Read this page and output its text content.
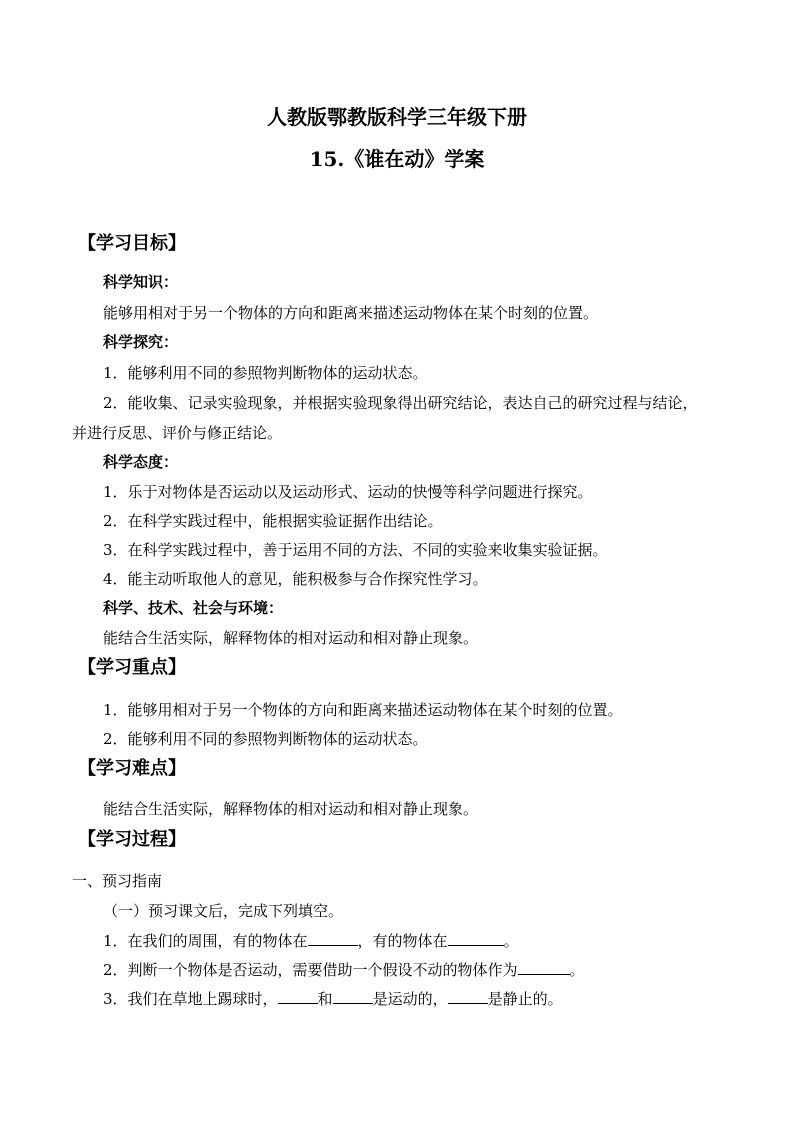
人教版鄂教版科学三年级下册
15.《谁在动》学案
【学习目标】
科学知识：
能够用相对于另一个物体的方向和距离来描述运动物体在某个时刻的位置。
科学探究：
1．能够利用不同的参照物判断物体的运动状态。
2．能收集、记录实验现象，并根据实验现象得出研究结论，表达自己的研究过程与结论，
并进行反思、评价与修正结论。
科学态度：
1．乐于对物体是否运动以及运动形式、运动的快慢等科学问题进行探究。
2．在科学实践过程中，能根据实验证据作出结论。
3．在科学实践过程中，善于运用不同的方法、不同的实验来收集实验证据。
4．能主动听取他人的意见，能积极参与合作探究性学习。
科学、技术、社会与环境：
能结合生活实际，解释物体的相对运动和相对静止现象。
【学习重点】
1．能够用相对于另一个物体的方向和距离来描述运动物体在某个时刻的位置。
2．能够利用不同的参照物判断物体的运动状态。
【学习难点】
能结合生活实际，解释物体的相对运动和相对静止现象。
【学习过程】
一、预习指南
（一）预习课文后，完成下列填空。
1．在我们的周围，有的物体在	，有的物体在	。
2．判断一个物体是否运动，需要借助一个假设不动的物体作为	。
3．我们在草地上踢球时，	和	是运动的，	是静止的。
